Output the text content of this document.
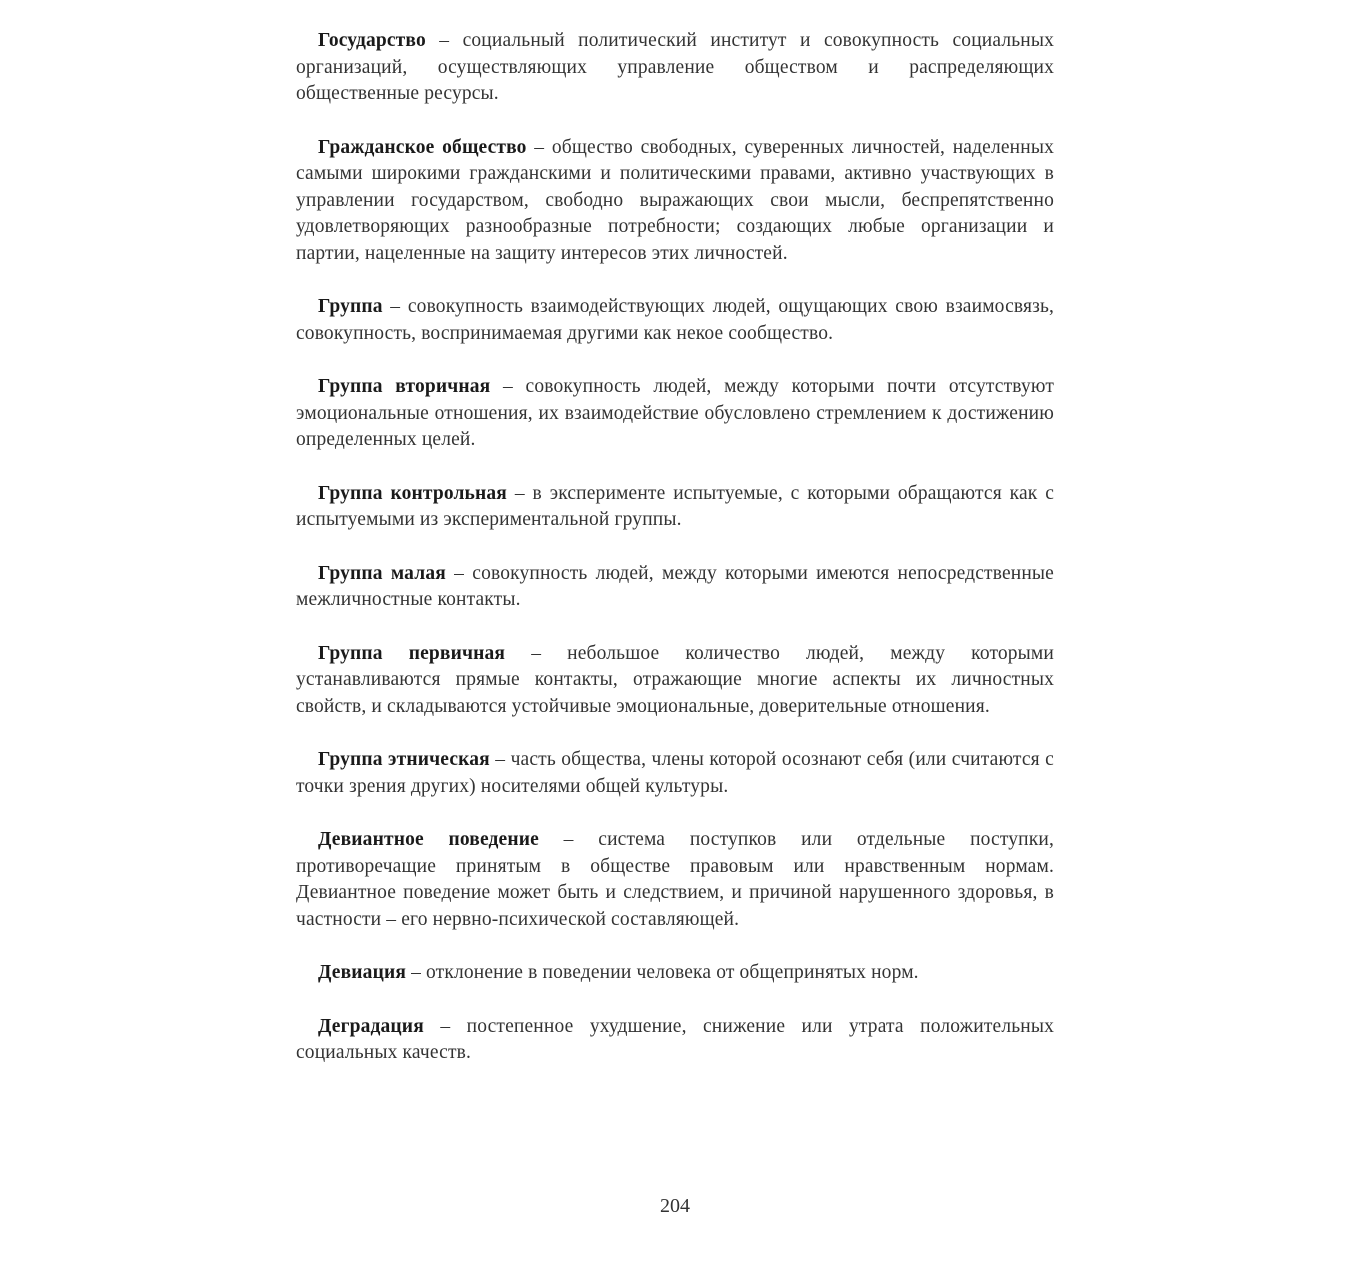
Государство – социальный политический институт и совокупность социальных организаций, осуществляющих управление обществом и распределяющих общественные ресурсы.

Гражданское общество – общество свободных, суверенных личностей, наделенных самыми широкими гражданскими и политическими правами, активно участвующих в управлении государством, свободно выражающих свои мысли, беспрепятственно удовлетворяющих разнообразные потребности; создающих любые организации и партии, нацеленные на защиту интересов этих личностей.

Группа – совокупность взаимодействующих людей, ощущающих свою взаимосвязь, совокупность, воспринимаемая другими как некое сообщество.

Группа вторичная – совокупность людей, между которыми почти отсутствуют эмоциональные отношения, их взаимодействие обусловлено стремлением к достижению определенных целей.

Группа контрольная – в эксперименте испытуемые, с которыми обращаются как с испытуемыми из экспериментальной группы.

Группа малая – совокупность людей, между которыми имеются непосредственные межличностные контакты.

Группа первичная – небольшое количество людей, между которыми устанавливаются прямые контакты, отражающие многие аспекты их личностных свойств, и складываются устойчивые эмоциональные, доверительные отношения.

Группа этническая – часть общества, члены которой осознают себя (или считаются с точки зрения других) носителями общей культуры.

Девиантное поведение – система поступков или отдельные поступки, противоречащие принятым в обществе правовым или нравственным нормам. Девиантное поведение может быть и следствием, и причиной нарушенного здоровья, в частности – его нервно-психической составляющей.

Девиация – отклонение в поведении человека от общепринятых норм.

Деградация – постепенное ухудшение, снижение или утрата положительных социальных качеств.

204
